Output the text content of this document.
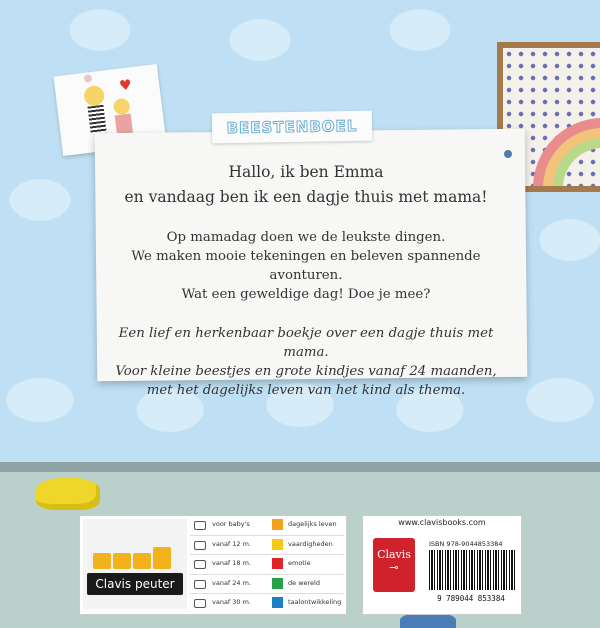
♥
BEESTENBOEL
Hallo, ik ben Emma
en vandaag ben ik een dagje thuis met mama!
Op mamadag doen we de leukste dingen.
We maken mooie tekeningen en beleven spannende avonturen.
Wat een geweldige dag! Doe je mee?
Een lief en herkenbaar boekje over een dagje thuis met mama.
Voor kleine beestjes en grote kindjes vanaf 24 maanden,
met het dagelijks leven van het kind als thema.
Clavis peuter
voor baby's	dagelijks leven
vanaf 12 m.	vaardigheden
vanaf 18 m.	emotie
vanaf 24 m.	de wereld
vanaf 30 m.	taalontwikkeling
www.clavisbooks.com
Clavis
⊸
ISBN 978-9044853384
9 789044 853384
